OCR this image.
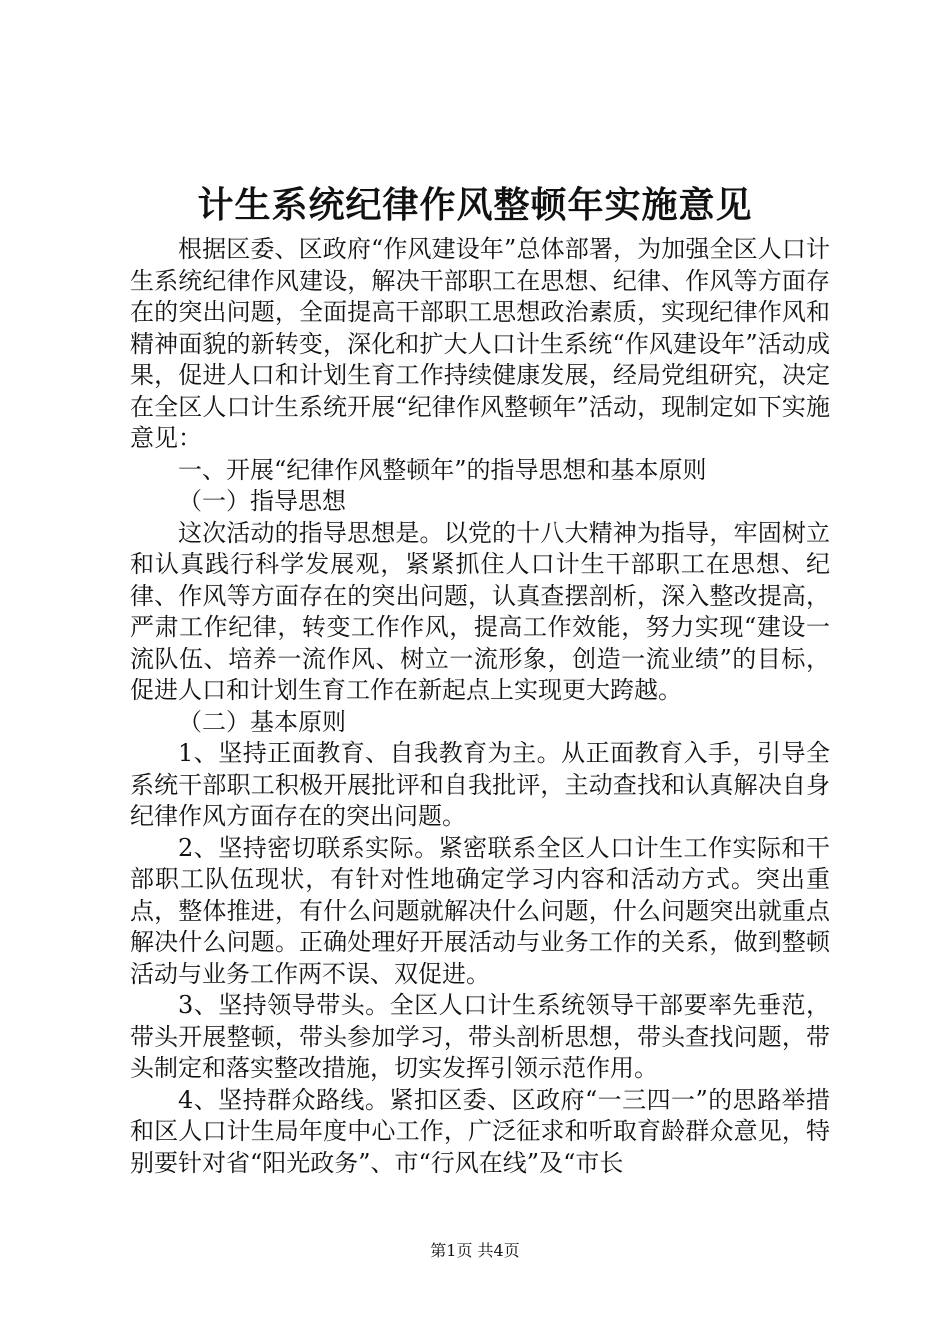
计生系统纪律作风整顿年实施意见

根据区委、区政府“作风建设年”总体部署，为加强全区人口计生系统纪律作风建设，解决干部职工在思想、纪律、作风等方面存在的突出问题，全面提高干部职工思想政治素质，实现纪律作风和精神面貌的新转变，深化和扩大人口计生系统“作风建设年”活动成果，促进人口和计划生育工作持续健康发展，经局党组研究，决定在全区人口计生系统开展“纪律作风整顿年”活动，现制定如下实施意见：

一、开展“纪律作风整顿年”的指导思想和基本原则

（一）指导思想

这次活动的指导思想是。以党的十八大精神为指导，牢固树立和认真践行科学发展观，紧紧抓住人口计生干部职工在思想、纪律、作风等方面存在的突出问题，认真查摆剖析，深入整改提高，严肃工作纪律，转变工作作风，提高工作效能，努力实现“建设一流队伍、培养一流作风、树立一流形象，创造一流业绩”的目标，促进人口和计划生育工作在新起点上实现更大跨越。

（二）基本原则

1、坚持正面教育、自我教育为主。从正面教育入手，引导全系统干部职工积极开展批评和自我批评，主动查找和认真解决自身纪律作风方面存在的突出问题。

2、坚持密切联系实际。紧密联系全区人口计生工作实际和干部职工队伍现状，有针对性地确定学习内容和活动方式。突出重点，整体推进，有什么问题就解决什么问题，什么问题突出就重点解决什么问题。正确处理好开展活动与业务工作的关系，做到整顿活动与业务工作两不误、双促进。

3、坚持领导带头。全区人口计生系统领导干部要率先垂范，带头开展整顿，带头参加学习，带头剖析思想，带头查找问题，带头制定和落实整改措施，切实发挥引领示范作用。

4、坚持群众路线。紧扣区委、区政府“一三四一”的思路举措和区人口计生局年度中心工作，广泛征求和听取育龄群众意见，特别要针对省“阳光政务”、市“行风在线”及“市长

第1页 共4页
